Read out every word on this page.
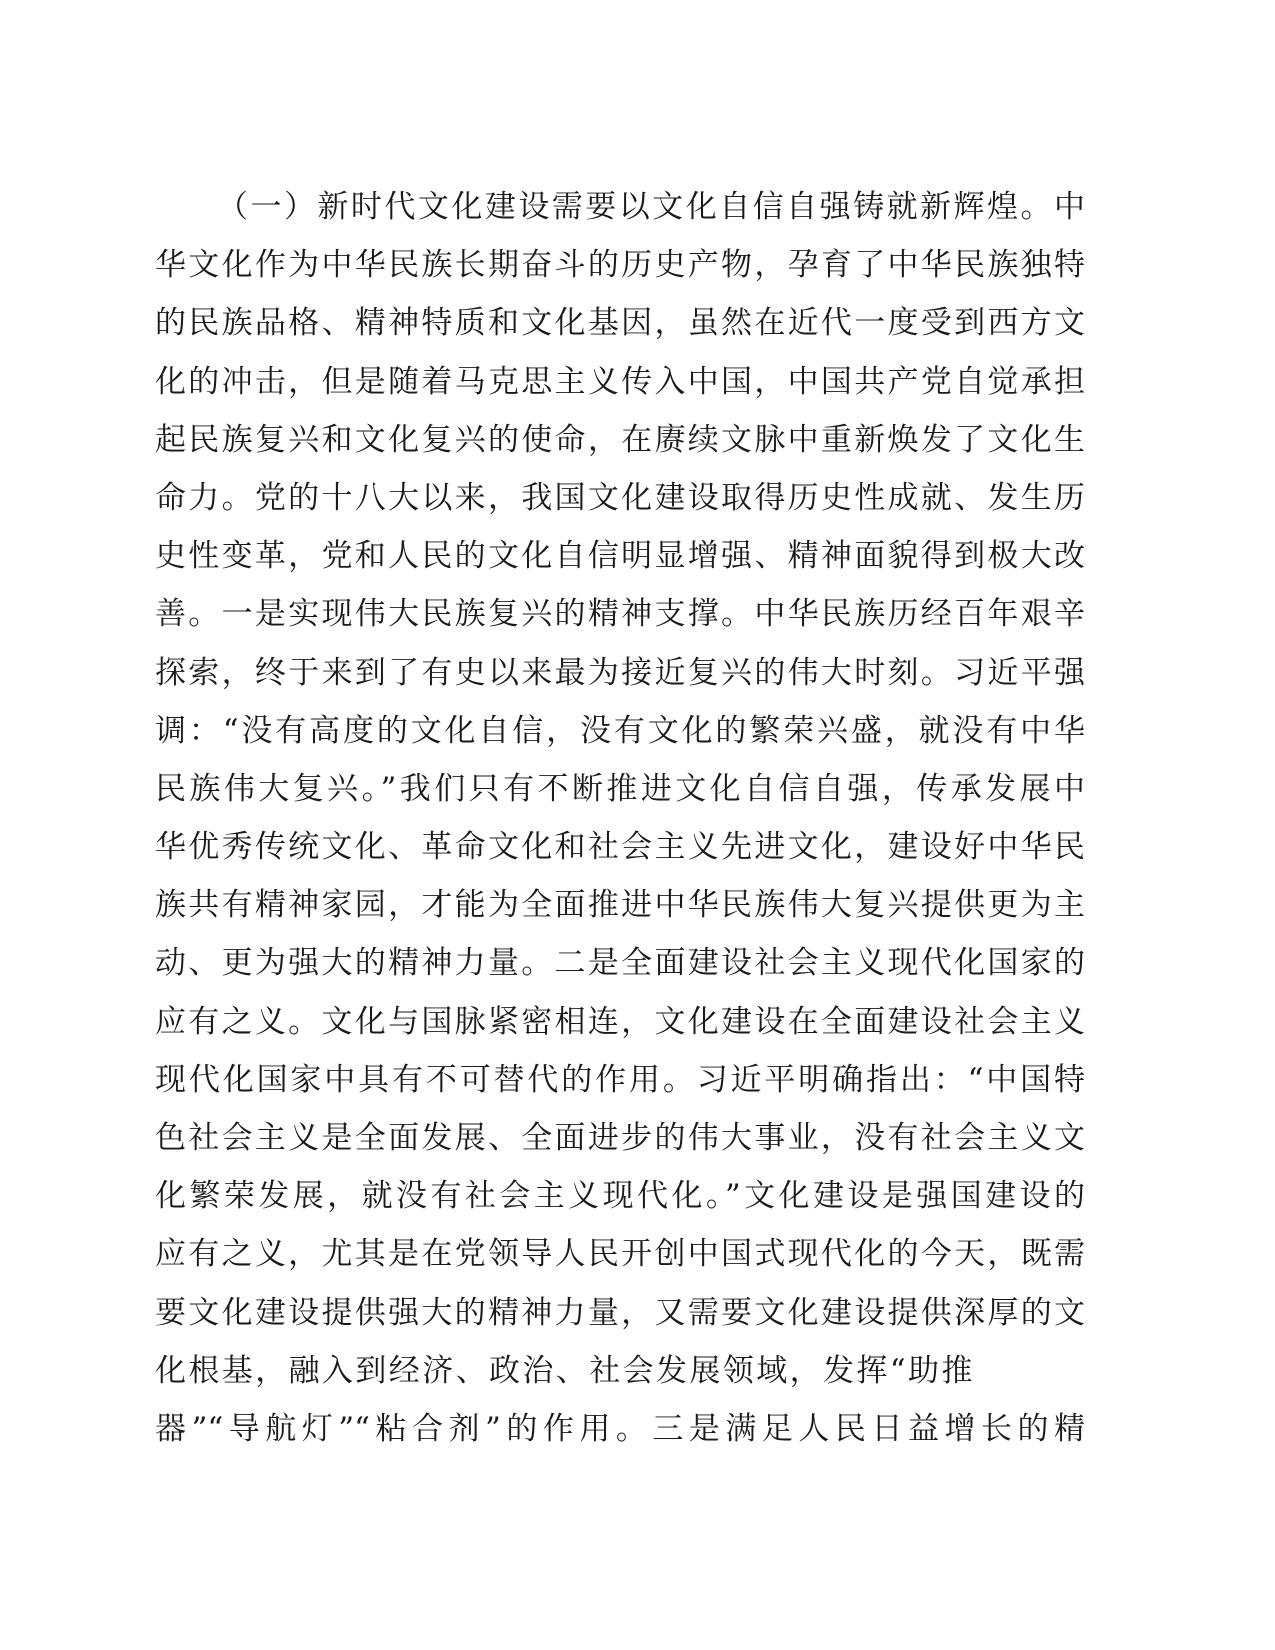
（一）新时代文化建设需要以文化自信自强铸就新辉煌。中
华文化作为中华民族长期奋斗的历史产物，孕育了中华民族独特
的民族品格、精神特质和文化基因，虽然在近代一度受到西方文
化的冲击，但是随着马克思主义传入中国，中国共产党自觉承担
起民族复兴和文化复兴的使命，在赓续文脉中重新焕发了文化生
命力。党的十八大以来，我国文化建设取得历史性成就、发生历
史性变革，党和人民的文化自信明显增强、精神面貌得到极大改
善。一是实现伟大民族复兴的精神支撑。中华民族历经百年艰辛
探索，终于来到了有史以来最为接近复兴的伟大时刻。习近平强
调：“没有高度的文化自信，没有文化的繁荣兴盛，就没有中华
民族伟大复兴。”我们只有不断推进文化自信自强，传承发展中
华优秀传统文化、革命文化和社会主义先进文化，建设好中华民
族共有精神家园，才能为全面推进中华民族伟大复兴提供更为主
动、更为强大的精神力量。二是全面建设社会主义现代化国家的
应有之义。文化与国脉紧密相连，文化建设在全面建设社会主义
现代化国家中具有不可替代的作用。习近平明确指出：“中国特
色社会主义是全面发展、全面进步的伟大事业，没有社会主义文
化繁荣发展，就没有社会主义现代化。”文化建设是强国建设的
应有之义，尤其是在党领导人民开创中国式现代化的今天，既需
要文化建设提供强大的精神力量，又需要文化建设提供深厚的文
化根基，融入到经济、政治、社会发展领域，发挥“助推
器”“导航灯”“粘合剂”的作用。三是满足人民日益增长的精
